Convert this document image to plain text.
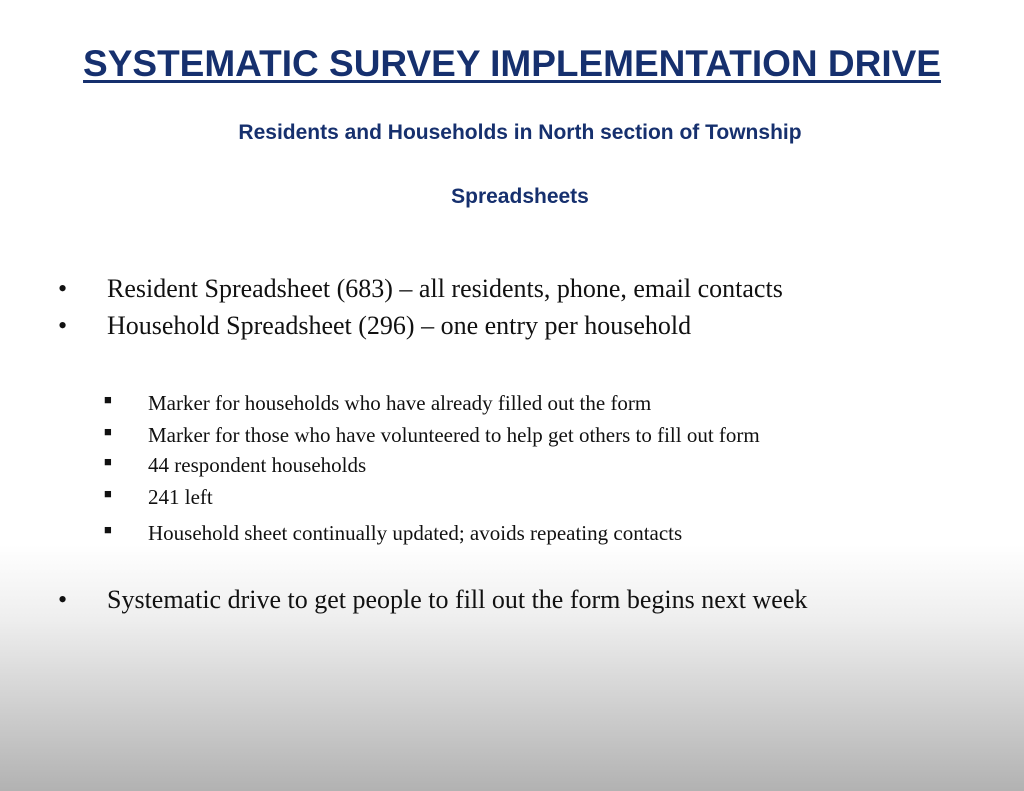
SYSTEMATIC SURVEY IMPLEMENTATION DRIVE
Residents and Households in North section of Township
Spreadsheets
•	Resident Spreadsheet (683) – all residents, phone, email contacts
•	Household Spreadsheet (296) – one entry per household
■ Marker for households who have already filled out the form
■ Marker for those who have volunteered to help get others to fill out form
■ 44 respondent households
■ 241 left
■ Household sheet continually updated; avoids repeating contacts
•	Systematic drive to get people to fill out the form begins next week
